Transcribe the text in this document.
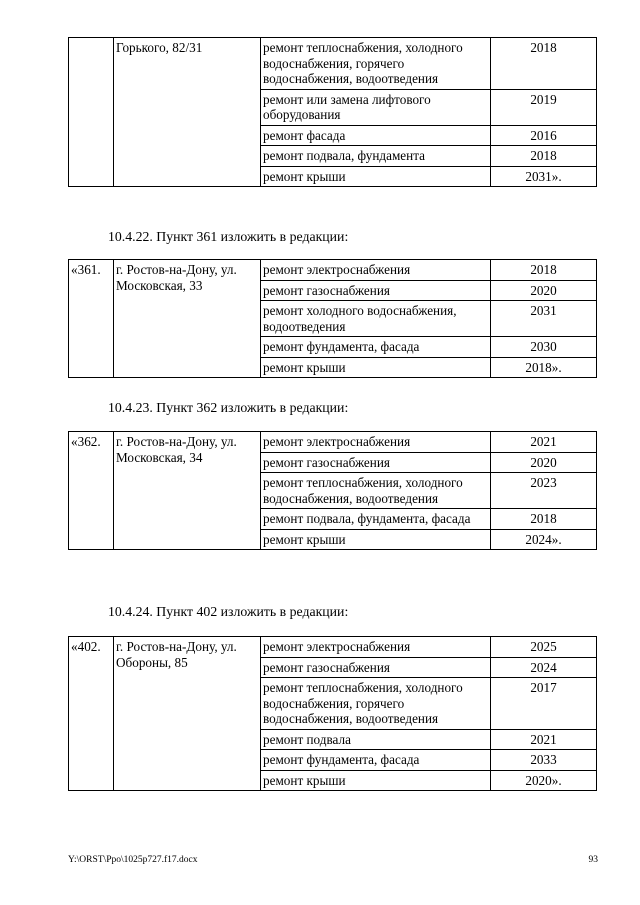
	Горького, 82/31	ремонт теплоснабжения, холодного водоснабжения, горячего водоснабжения, водоотведения	2018
		ремонт или замена лифтового оборудования	2019
		ремонт фасада	2016
		ремонт подвала, фундамента	2018
		ремонт крыши	2031».
10.4.22. Пункт 361 изложить в редакции:
«361.	г. Ростов-на-Дону, ул. Московская, 33	ремонт электроснабжения	2018
		ремонт газоснабжения	2020
		ремонт холодного водоснабжения, водоотведения	2031
		ремонт фундамента, фасада	2030
		ремонт крыши	2018».
10.4.23. Пункт 362 изложить в редакции:
«362.	г. Ростов-на-Дону, ул. Московская, 34	ремонт электроснабжения	2021
		ремонт газоснабжения	2020
		ремонт теплоснабжения, холодного водоснабжения, водоотведения	2023
		ремонт подвала, фундамента, фасада	2018
		ремонт крыши	2024».
10.4.24. Пункт 402 изложить в редакции:
«402.	г. Ростов-на-Дону, ул. Обороны, 85	ремонт электроснабжения	2025
		ремонт газоснабжения	2024
		ремонт теплоснабжения, холодного водоснабжения, горячего водоснабжения, водоотведения	2017
		ремонт подвала	2021
		ремонт фундамента, фасада	2033
		ремонт крыши	2020».
Y:\ORST\Ppo\1025p727.f17.docx	93
